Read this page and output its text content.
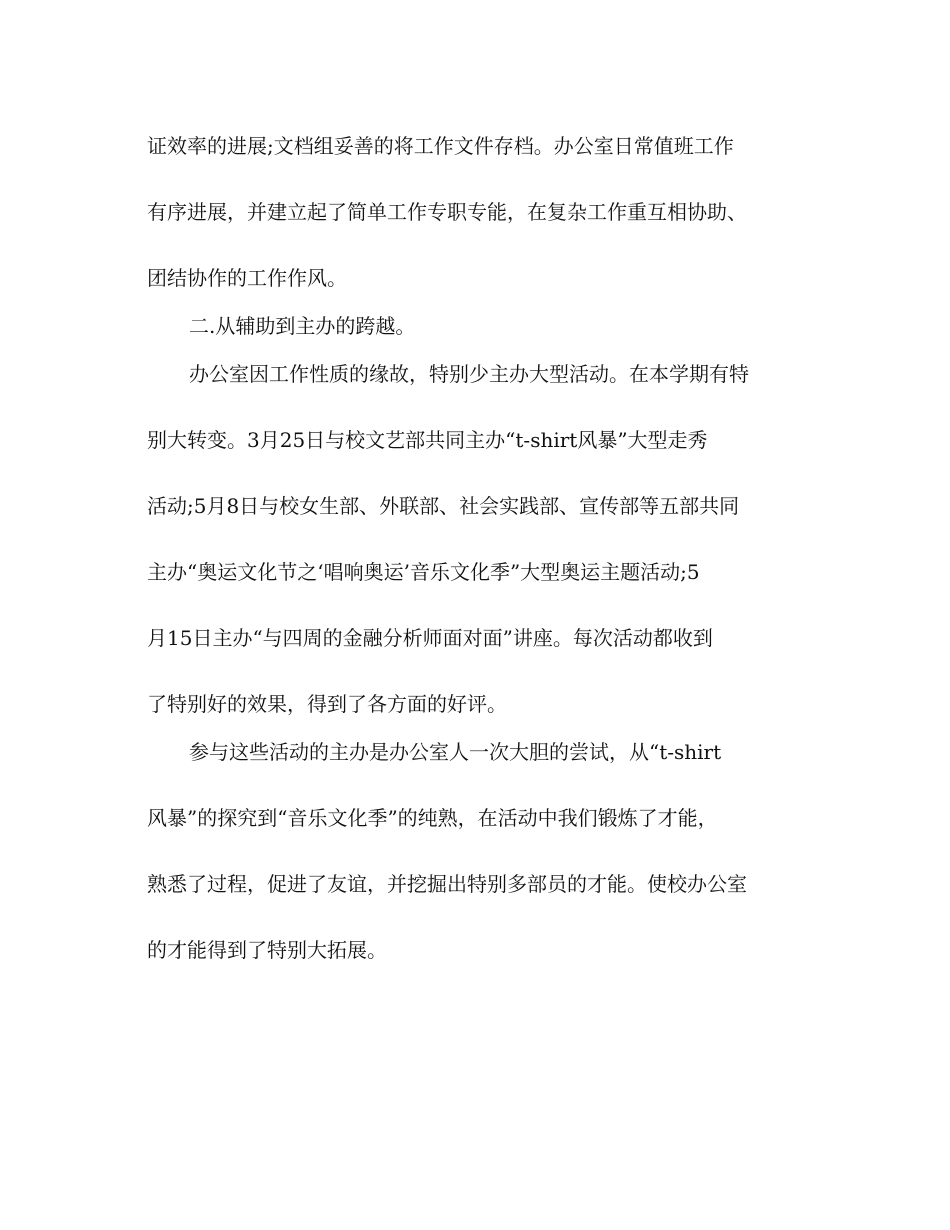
证效率的进展;文档组妥善的将工作文件存档。办公室日常值班工作
有序进展，并建立起了简单工作专职专能，在复杂工作重互相协助、
团结协作的工作作风。
二.从辅助到主办的跨越。
办公室因工作性质的缘故，特别少主办大型活动。在本学期有特
别大转变。3月25日与校文艺部共同主办“t-shirt风暴”大型走秀
活动;5月8日与校女生部、外联部、社会实践部、宣传部等五部共同
主办“奥运文化节之‘唱响奥运’音乐文化季”大型奥运主题活动;5
月15日主办“与四周的金融分析师面对面”讲座。每次活动都收到
了特别好的效果，得到了各方面的好评。
参与这些活动的主办是办公室人一次大胆的尝试，从“t-shirt
风暴”的探究到“音乐文化季”的纯熟，在活动中我们锻炼了才能，
熟悉了过程，促进了友谊，并挖掘出特别多部员的才能。使校办公室
的才能得到了特别大拓展。
